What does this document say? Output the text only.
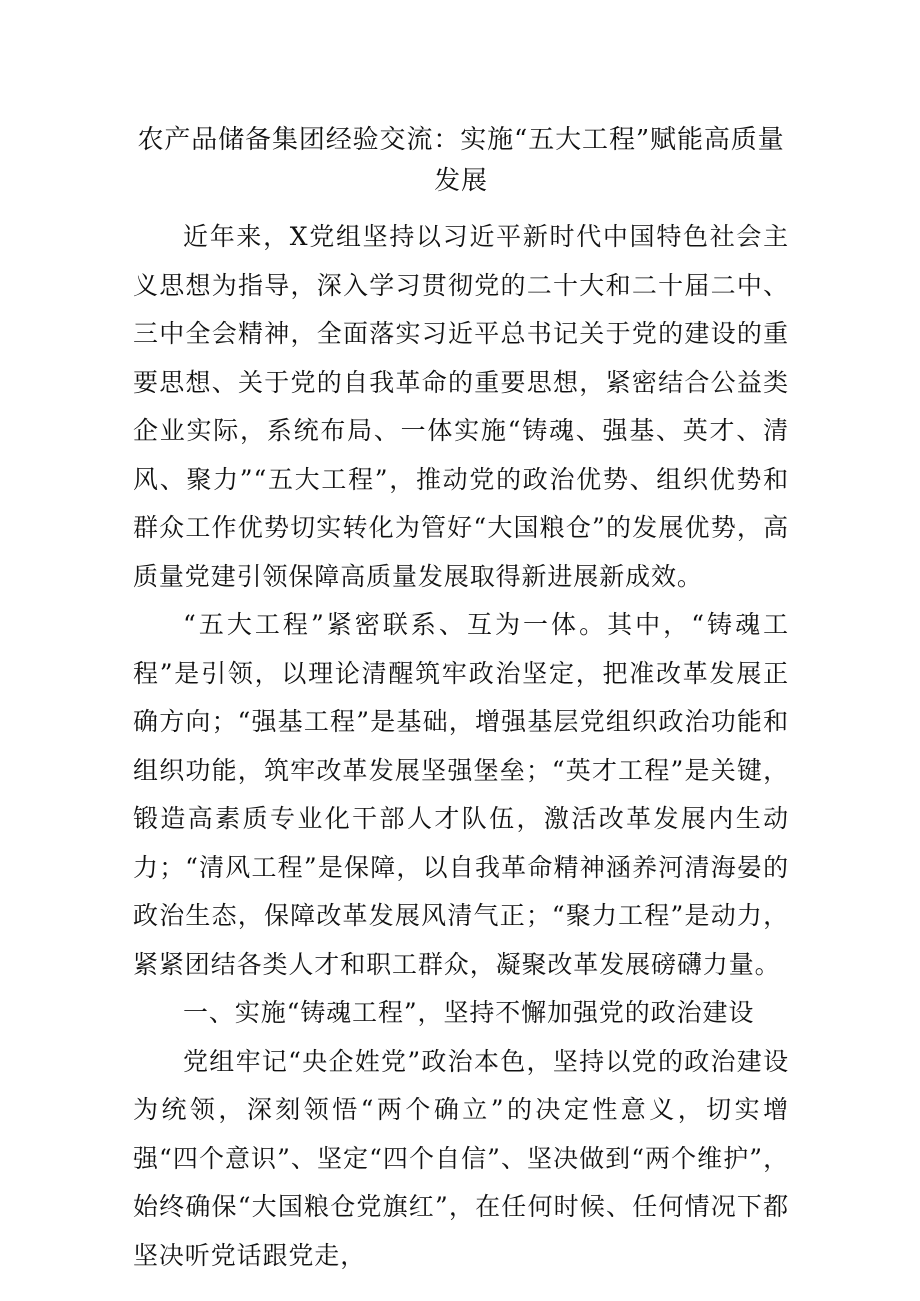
农产品储备集团经验交流：实施“五大工程”赋能高质量发展

近年来，X党组坚持以习近平新时代中国特色社会主义思想为指导，深入学习贯彻党的二十大和二十届二中、三中全会精神，全面落实习近平总书记关于党的建设的重要思想、关于党的自我革命的重要思想，紧密结合公益类企业实际，系统布局、一体实施“铸魂、强基、英才、清风、聚力”“五大工程”，推动党的政治优势、组织优势和群众工作优势切实转化为管好“大国粮仓”的发展优势，高质量党建引领保障高质量发展取得新进展新成效。

“五大工程”紧密联系、互为一体。其中，“铸魂工程”是引领，以理论清醒筑牢政治坚定，把准改革发展正确方向；“强基工程”是基础，增强基层党组织政治功能和组织功能，筑牢改革发展坚强堡垒；“英才工程”是关键，锻造高素质专业化干部人才队伍，激活改革发展内生动力；“清风工程”是保障，以自我革命精神涵养河清海晏的政治生态，保障改革发展风清气正；“聚力工程”是动力，紧紧团结各类人才和职工群众，凝聚改革发展磅礴力量。

一、实施“铸魂工程”，坚持不懈加强党的政治建设

党组牢记“央企姓党”政治本色，坚持以党的政治建设为统领，深刻领悟“两个确立”的决定性意义，切实增强“四个意识”、坚定“四个自信”、坚决做到“两个维护”，始终确保“大国粮仓党旗红”，在任何时候、任何情况下都坚决听党话跟党走，
